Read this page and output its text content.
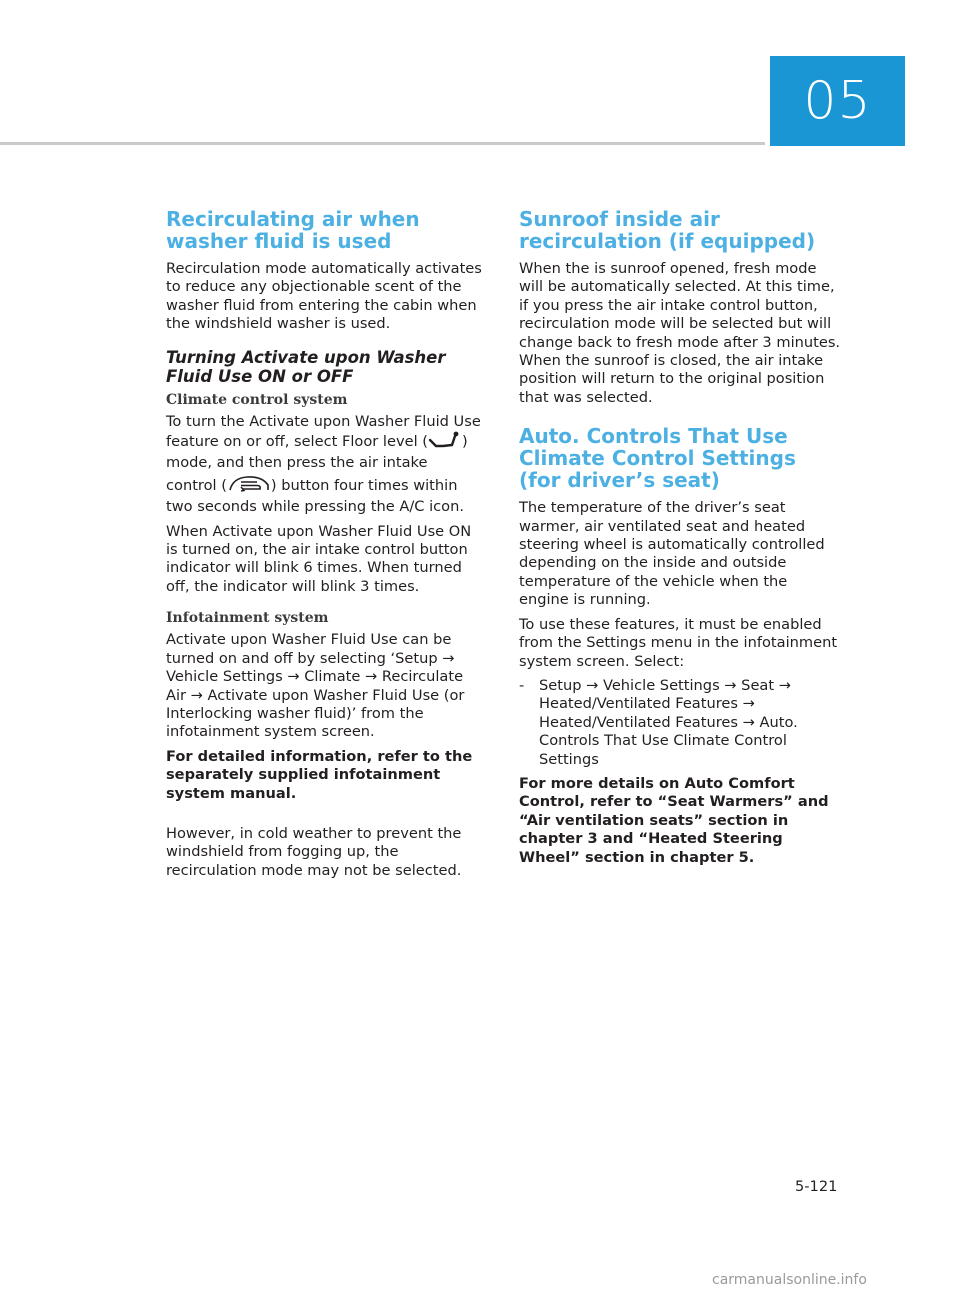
05
Recirculating air when washer fluid is used

Recirculation mode automatically activates to reduce any objectionable scent of the washer fluid from entering the cabin when the windshield washer is used.

Turning Activate upon Washer Fluid Use ON or OFF
Climate control system

To turn the Activate upon Washer Fluid Use feature on or off, select Floor level ( ) mode, and then press the air intake control (	) button four times within two seconds while pressing the A/C icon.

When Activate upon Washer Fluid Use ON is turned on, the air intake control button indicator will blink 6 times. When turned off, the indicator will blink 3 times.

Infotainment system

Activate upon Washer Fluid Use can be turned on and off by selecting ‘Setup → Vehicle Settings → Climate → Recirculate Air → Activate upon Washer Fluid Use (or Interlocking washer fluid)’ from the infotainment system screen.

For detailed information, refer to the separately supplied infotainment system manual.

However, in cold weather to prevent the windshield from fogging up, the recirculation mode may not be selected.

Sunroof inside air recirculation (if equipped)

When the is sunroof opened, fresh mode will be automatically selected. At this time, if you press the air intake control button, recirculation mode will be selected but will change back to fresh mode after 3 minutes. When the sunroof is closed, the air intake position will return to the original position that was selected.

Auto. Controls That Use Climate Control Settings (for driver’s seat)

The temperature of the driver’s seat warmer, air ventilated seat and heated steering wheel is automatically controlled depending on the inside and outside temperature of the vehicle when the engine is running.

To use these features, it must be enabled from the Settings menu in the infotainment system screen. Select:

-	Setup → Vehicle Settings → Seat → Heated/Ventilated Features → Heated/Ventilated Features → Auto. Controls That Use Climate Control Settings

For more details on Auto Comfort Control, refer to “Seat Warmers” and “Air ventilation seats” section in chapter 3 and “Heated Steering Wheel” section in chapter 5.

5-121
carmanualsonline.info
